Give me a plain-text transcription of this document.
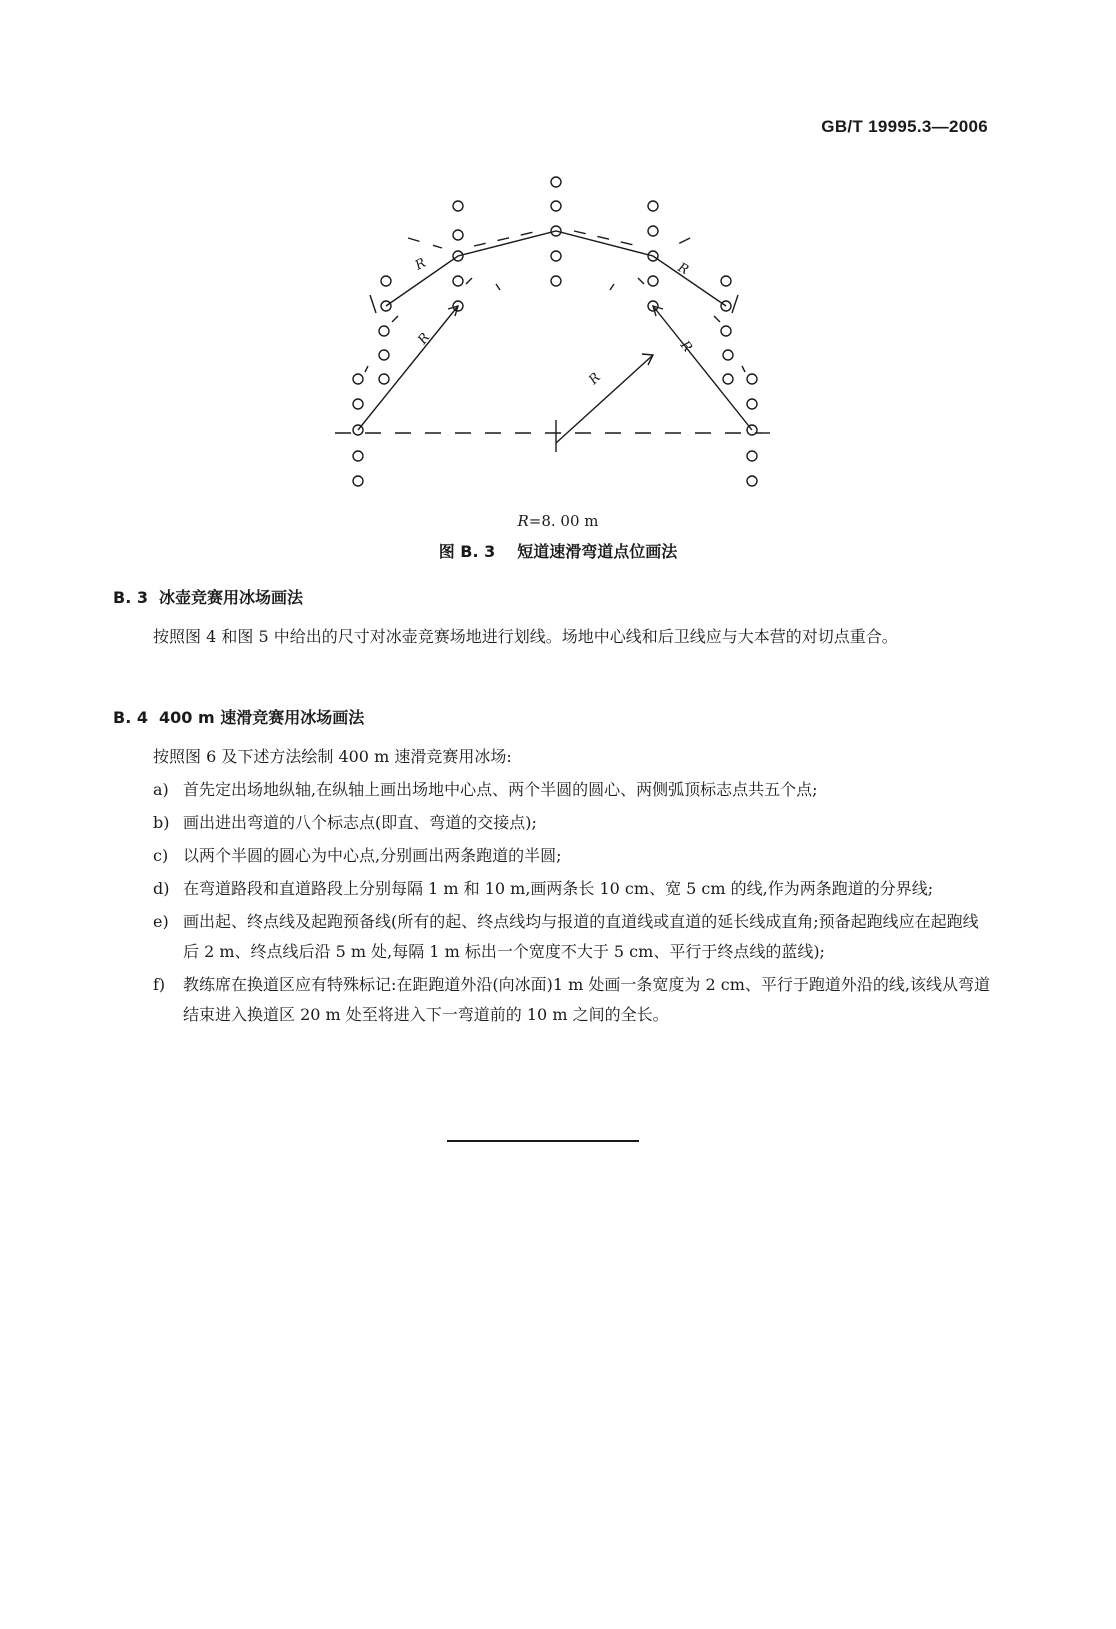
GB/T 19995.3—2006
R	R
R	R
R
R=8. 00 m
图 B. 3 短道速滑弯道点位画法
B. 3 冰壶竞赛用冰场画法
按照图 4 和图 5 中给出的尺寸对冰壶竞赛场地进行划线。场地中心线和后卫线应与大本营的对切点重合。
B. 4 400 m 速滑竞赛用冰场画法
按照图 6 及下述方法绘制 400 m 速滑竞赛用冰场:
a) 首先定出场地纵轴,在纵轴上画出场地中心点、两个半圆的圆心、两侧弧顶标志点共五个点;
b) 画出进出弯道的八个标志点(即直、弯道的交接点);
c) 以两个半圆的圆心为中心点,分别画出两条跑道的半圆;
d) 在弯道路段和直道路段上分别每隔 1 m 和 10 m,画两条长 10 cm、宽 5 cm 的线,作为两条跑道的分界线;
e) 画出起、终点线及起跑预备线(所有的起、终点线均与报道的直道线或直道的延长线成直角;预备起跑线应在起跑线后 2 m、终点线后沿 5 m 处,每隔 1 m 标出一个宽度不大于 5 cm、平行于终点线的蓝线);
f) 教练席在换道区应有特殊标记:在距跑道外沿(向冰面)1 m 处画一条宽度为 2 cm、平行于跑道外沿的线,该线从弯道结束进入换道区 20 m 处至将进入下一弯道前的 10 m 之间的全长。
